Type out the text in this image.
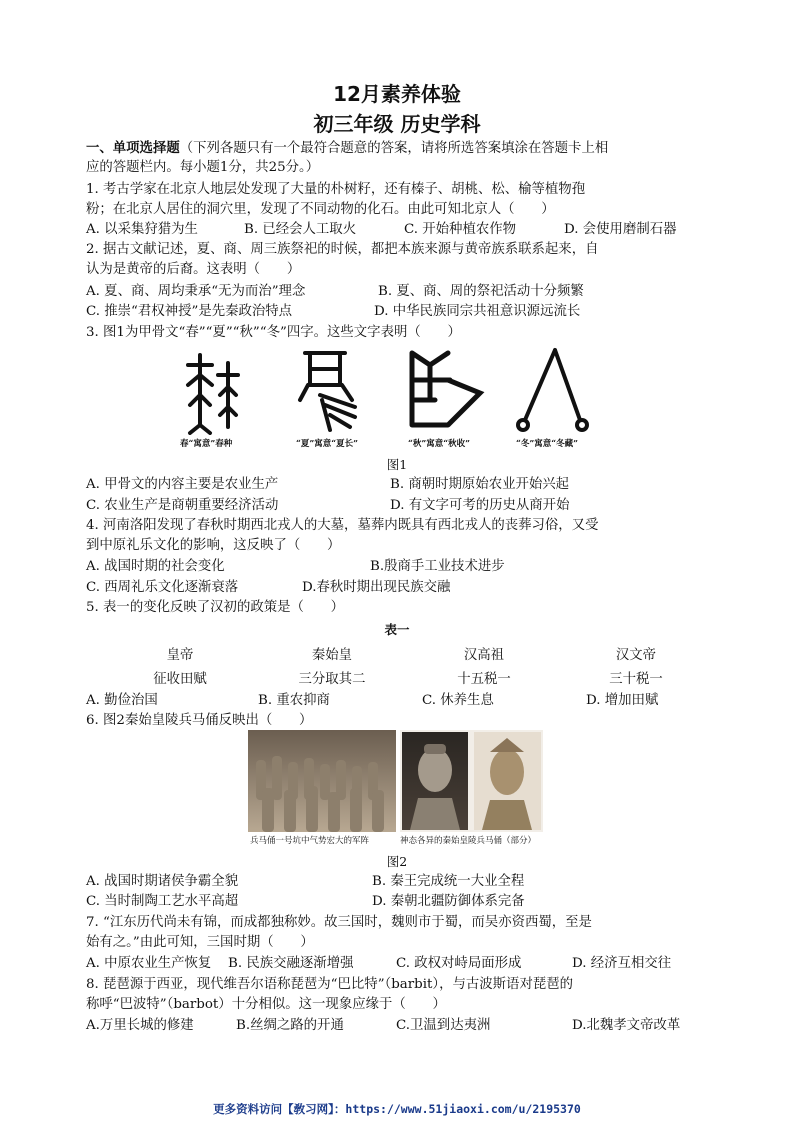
12月素养体验
初三年级 历史学科
一、单项选择题（下列各题只有一个最符合题意的答案，请将所选答案填涂在答题卡上相
应的答题栏内。每小题1分，共25分。）
1. 考古学家在北京人地层处发现了大量的朴树籽，还有榛子、胡桃、松、榆等植物孢
粉；在北京人居住的洞穴里，发现了不同动物的化石。由此可知北京人（　　）
A. 以采集狩猎为生	B. 已经会人工取火	C. 开始种植农作物	D. 会使用磨制石器
2. 据古文献记述，夏、商、周三族祭祀的时候，都把本族来源与黄帝族系联系起来，自
认为是黄帝的后裔。这表明（　　）
A. 夏、商、周均秉承“无为而治”理念	B. 夏、商、周的祭祀活动十分频繁
C. 推崇“君权神授”是先秦政治特点	D. 中华民族同宗共祖意识源远流长
3. 图1为甲骨文“春”“夏”“秋”“冬”四字。这些文字表明（　　）
春“寓意”春种	“夏”寓意“夏长”	“秋”寓意“秋收”	“冬”寓意“冬藏”
图1
A. 甲骨文的内容主要是农业生产	B. 商朝时期原始农业开始兴起
C. 农业生产是商朝重要经济活动	D. 有文字可考的历史从商开始
4. 河南洛阳发现了春秋时期西北戎人的大墓，墓葬内既具有西北戎人的丧葬习俗，又受
到中原礼乐文化的影响，这反映了（　　）
A. 战国时期的社会变化	B.殷商手工业技术进步
C. 西周礼乐文化逐渐衰落	D.春秋时期出现民族交融
5. 表一的变化反映了汉初的政策是（　　）
表一
皇帝	秦始皇	汉高祖	汉文帝
征收田赋	三分取其二	十五税一	三十税一
A. 勤俭治国	B. 重农抑商	C. 休养生息	D. 增加田赋
6. 图2秦始皇陵兵马俑反映出（　　）
兵马俑一号坑中气势宏大的军阵	神态各异的秦始皇陵兵马俑（部分）
图2
A. 战国时期诸侯争霸全貌	B. 秦王完成统一大业全程
C. 当时制陶工艺水平高超	D. 秦朝北疆防御体系完备
7. “江东历代尚未有锦，而成都独称妙。故三国时，魏则市于蜀，而吴亦资西蜀，至是
始有之。”由此可知，三国时期（　　）
A. 中原农业生产恢复 B. 民族交融逐渐增强	C. 政权对峙局面形成	D. 经济互相交往
8. 琵琶源于西亚，现代维吾尔语称琵琶为“巴比特”（barbit），与古波斯语对琵琶的
称呼“巴波特”（barbot）十分相似。这一现象应缘于（　　）
A.万里长城的修建	B.丝绸之路的开通	C.卫温到达夷洲	D.北魏孝文帝改革
更多资料访问【敎习网】：https://www.51jiaoxi.com/u/2195370
